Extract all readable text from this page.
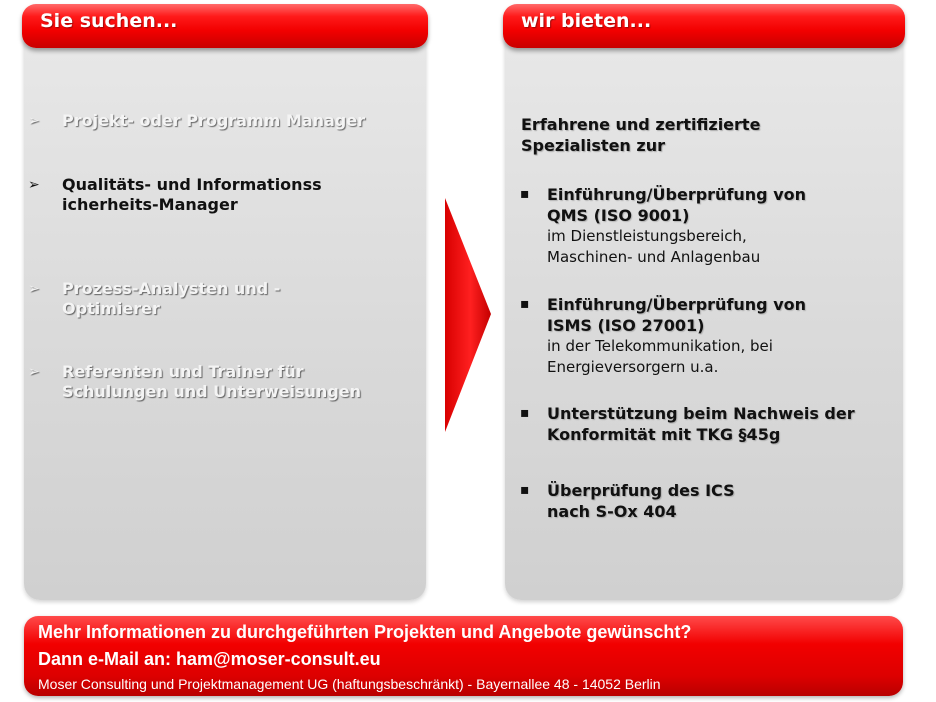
Sie suchen...
➢ Projekt- oder Programm Manager
➢ Qualitäts- und Informationssicherheits-Manager
➢ Prozess-Analysten und -Optimierer
➢ Referenten und Trainer für Schulungen und Unterweisungen
wir bieten...
Erfahrene und zertifizierte Spezialisten zur
▪ Einführung/Überprüfung von QMS (ISO 9001)
im Dienstleistungsbereich, Maschinen- und Anlagenbau
▪ Einführung/Überprüfung von ISMS (ISO 27001)
in der Telekommunikation, bei Energieversorgern u.a.
▪ Unterstützung beim Nachweis der Konformität mit TKG §45g
▪ Überprüfung des ICS nach S-Ox 404
Mehr Informationen zu durchgeführten Projekten und Angebote gewünscht?
Dann e-Mail an: ham@moser-consult.eu
Moser Consulting und Projektmanagement UG (haftungsbeschränkt) - Bayernallee 48 - 14052 Berlin
